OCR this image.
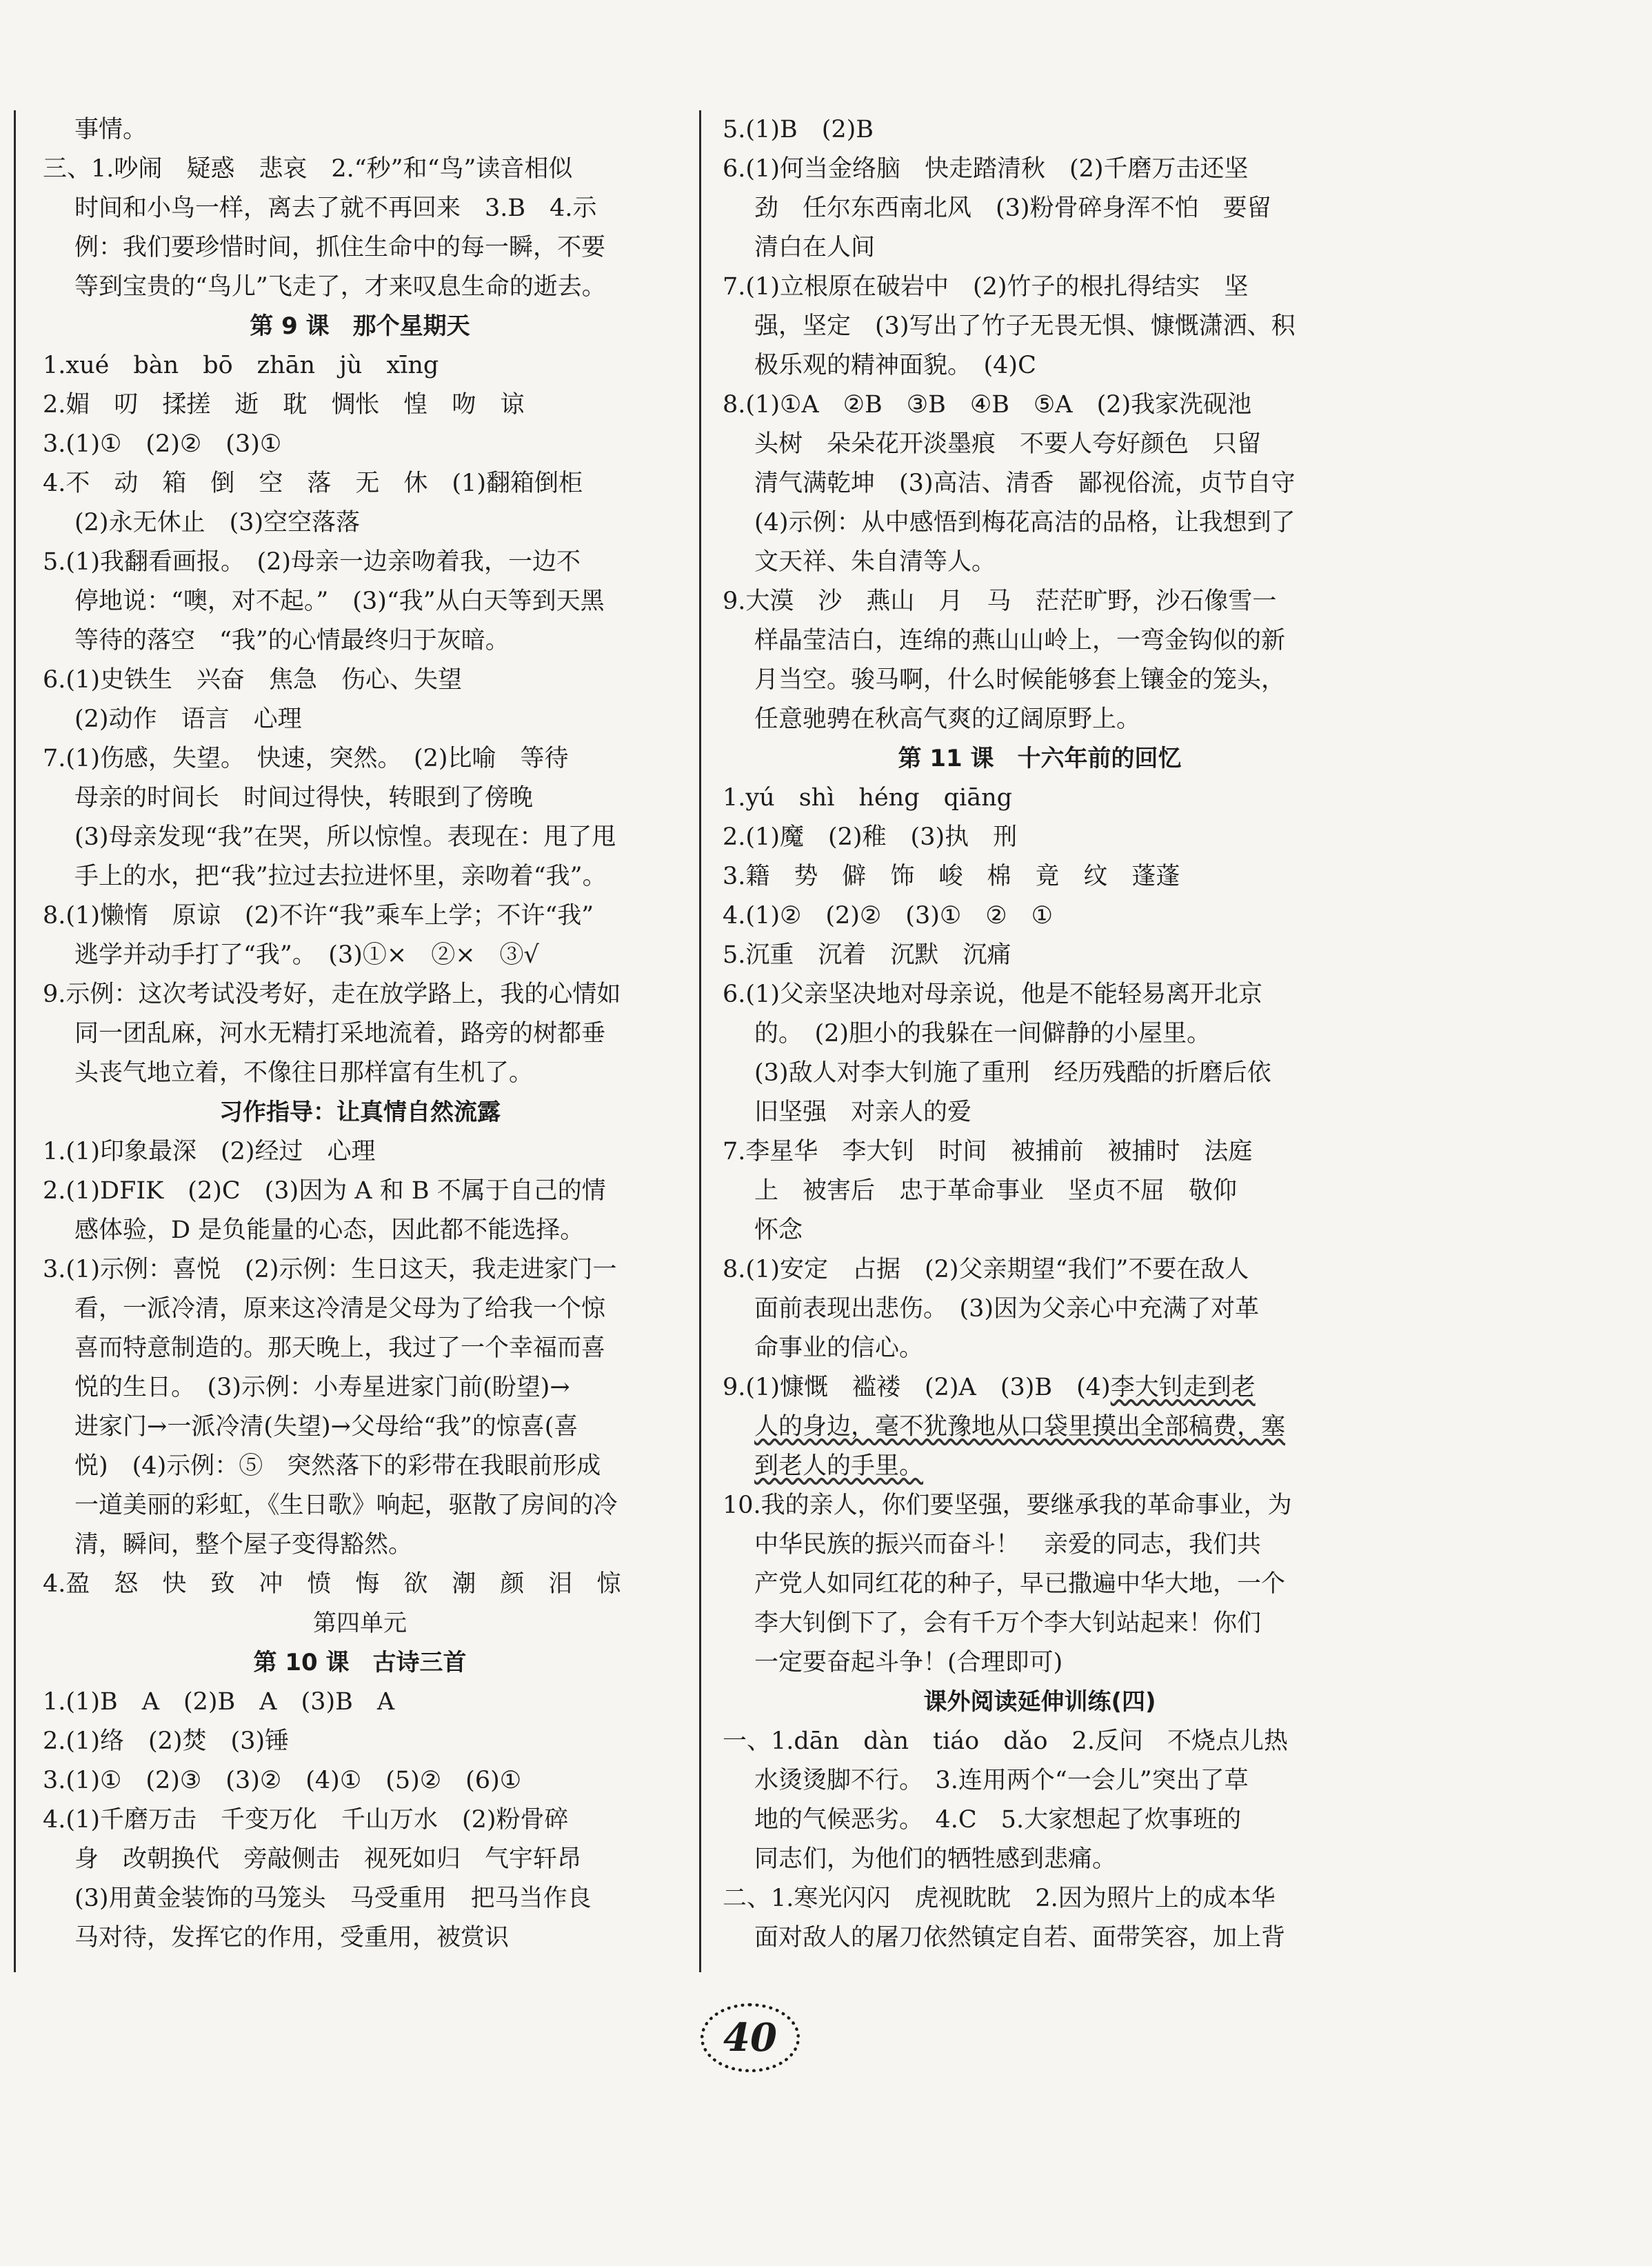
事情。
三、1.吵闹　疑惑　悲哀　2.“秒”和“鸟”读音相似
时间和小鸟一样，离去了就不再回来　3.B　4.示
例：我们要珍惜时间，抓住生命中的每一瞬，不要
等到宝贵的“鸟儿”飞走了，才来叹息生命的逝去。
第 9 课　那个星期天
1.xué　bàn　bō　zhān　jù　xīng
2.媚　叨　揉搓　逝　耽　惆怅　惶　吻　谅
3.(1)①　(2)②　(3)①
4.不　动　箱　倒　空　落　无　休　(1)翻箱倒柜
(2)永无休止　(3)空空落落
5.(1)我翻看画报。　(2)母亲一边亲吻着我，一边不
停地说：“噢，对不起。”　(3)“我”从白天等到天黑
等待的落空　“我”的心情最终归于灰暗。
6.(1)史铁生　兴奋　焦急　伤心、失望
(2)动作　语言　心理
7.(1)伤感，失望。　快速，突然。　(2)比喻　等待
母亲的时间长　时间过得快，转眼到了傍晚
(3)母亲发现“我”在哭，所以惊惶。表现在：甩了甩
手上的水，把“我”拉过去拉进怀里，亲吻着“我”。
8.(1)懒惰　原谅　(2)不许“我”乘车上学；不许“我”
逃学并动手打了“我”。　(3)①×　②×　③√
9.示例：这次考试没考好，走在放学路上，我的心情如
同一团乱麻，河水无精打采地流着，路旁的树都垂
头丧气地立着，不像往日那样富有生机了。
习作指导：让真情自然流露
1.(1)印象最深　(2)经过　心理
2.(1)DFIK　(2)C　(3)因为 A 和 B 不属于自己的情
感体验，D 是负能量的心态，因此都不能选择。
3.(1)示例：喜悦　(2)示例：生日这天，我走进家门一
看，一派冷清，原来这冷清是父母为了给我一个惊
喜而特意制造的。那天晚上，我过了一个幸福而喜
悦的生日。　(3)示例：小寿星进家门前(盼望)→
进家门→一派冷清(失望)→父母给“我”的惊喜(喜
悦)　(4)示例：⑤　突然落下的彩带在我眼前形成
一道美丽的彩虹，《生日歌》响起，驱散了房间的冷
清，瞬间，整个屋子变得豁然。
4.盈　怒　快　致　冲　愤　悔　欲　潮　颜　泪　惊
第四单元
第 10 课　古诗三首
1.(1)B　A　(2)B　A　(3)B　A
2.(1)络　(2)焚　(3)锤
3.(1)①　(2)③　(3)②　(4)①　(5)②　(6)①
4.(1)千磨万击　千变万化　千山万水　(2)粉骨碎
身　改朝换代　旁敲侧击　视死如归　气宇轩昂
(3)用黄金装饰的马笼头　马受重用　把马当作良
马对待，发挥它的作用，受重用，被赏识
5.(1)B　(2)B
6.(1)何当金络脑　快走踏清秋　(2)千磨万击还坚
劲　任尔东西南北风　(3)粉骨碎身浑不怕　要留
清白在人间
7.(1)立根原在破岩中　(2)竹子的根扎得结实　坚
强，坚定　(3)写出了竹子无畏无惧、慷慨潇洒、积
极乐观的精神面貌。　(4)C
8.(1)①A　②B　③B　④B　⑤A　(2)我家洗砚池
头树　朵朵花开淡墨痕　不要人夸好颜色　只留
清气满乾坤　(3)高洁、清香　鄙视俗流，贞节自守
(4)示例：从中感悟到梅花高洁的品格，让我想到了
文天祥、朱自清等人。
9.大漠　沙　燕山　月　马　茫茫旷野，沙石像雪一
样晶莹洁白，连绵的燕山山岭上，一弯金钩似的新
月当空。骏马啊，什么时候能够套上镶金的笼头，
任意驰骋在秋高气爽的辽阔原野上。
第 11 课　十六年前的回忆
1.yú　shì　héng　qiāng
2.(1)魔　(2)稚　(3)执　刑
3.籍　势　僻　饰　峻　棉　竟　纹　蓬蓬
4.(1)②　(2)②　(3)①　②　①
5.沉重　沉着　沉默　沉痛
6.(1)父亲坚决地对母亲说，他是不能轻易离开北京
的。　(2)胆小的我躲在一间僻静的小屋里。
(3)敌人对李大钊施了重刑　经历残酷的折磨后依
旧坚强　对亲人的爱
7.李星华　李大钊　时间　被捕前　被捕时　法庭
上　被害后　忠于革命事业　坚贞不屈　敬仰
怀念
8.(1)安定　占据　(2)父亲期望“我们”不要在敌人
面前表现出悲伤。　(3)因为父亲心中充满了对革
命事业的信心。
9.(1)慷慨　褴褛　(2)A　(3)B　(4)李大钊走到老
人的身边，毫不犹豫地从口袋里摸出全部稿费，塞
到老人的手里。
10.我的亲人，你们要坚强，要继承我的革命事业，为
中华民族的振兴而奋斗！　亲爱的同志，我们共
产党人如同红花的种子，早已撒遍中华大地，一个
李大钊倒下了，会有千万个李大钊站起来！你们
一定要奋起斗争！(合理即可)
课外阅读延伸训练(四)
一、1.dān　dàn　tiáo　dǎo　2.反问　不烧点儿热
水烫烫脚不行。　3.连用两个“一会儿”突出了草
地的气候恶劣。　4.C　5.大家想起了炊事班的
同志们，为他们的牺牲感到悲痛。
二、1.寒光闪闪　虎视眈眈　2.因为照片上的成本华
面对敌人的屠刀依然镇定自若、面带笑容，加上背
40
